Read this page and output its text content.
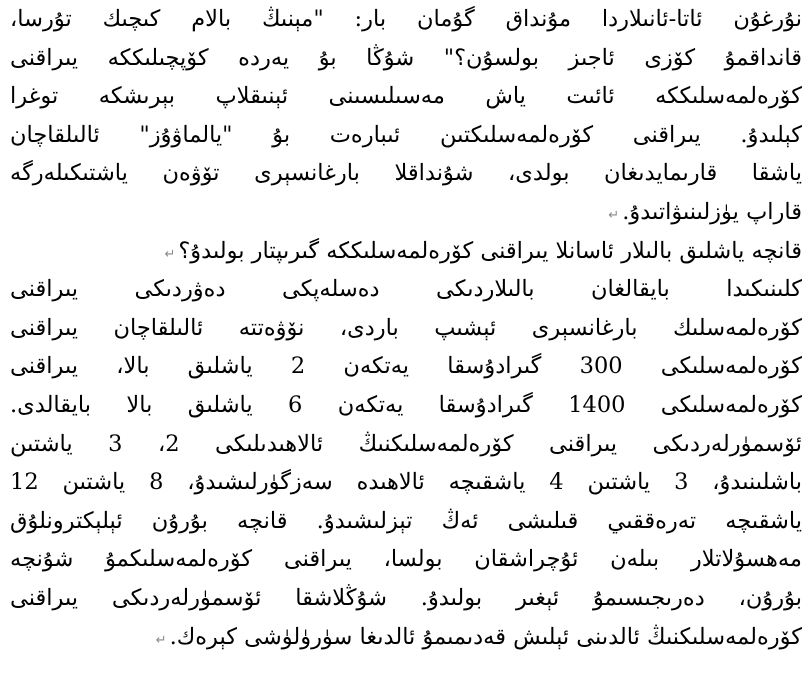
نۇرغۇن ئاتا-ئانىلاردا مۇنداق گۇمان بار: "مېنىڭ بالام كىچىك تۇرسا،
قانداقمۇ كۆزى ئاجىز بولسۇن؟" شۇڭا بۇ يەردە كۆپچىلىككە يىراقنى
كۆرەلمەسلىككە ئائىت ياش مەسىلىسىنى ئېنىقلاپ بېرىشكە توغرا
كېلىدۇ. يىراقنى كۆرەلمەسلىكتىن ئىبارەت بۇ "يالماۋۇز" ئالىلقاچان
ياشقا قارىمايدىغان بولدى، شۇنداقلا بارغانسېرى تۆۋەن ياشتىكىلەرگە
قاراپ يۈزلىنىۋاتىدۇ.↵
قانچە ياشلىق بالىلار ئاسانلا يىراقنى كۆرەلمەسلىككە گىرىپتار بولىدۇ؟↵
كلىنىكىدا بايقالغان بالىلاردىكى دەسلەپكى دەۋردىكى يىراقنى
كۆرەلمەسلىك بارغانسېرى ئېشىپ باردى، نۆۋەتتە ئالىلقاچان يىراقنى
كۆرەلمەسلىكى 300 گىرادۇسقا يەتكەن 2 ياشلىق بالا، يىراقنى
كۆرەلمەسلىكى 1400 گىرادۇسقا يەتكەن 6 ياشلىق بالا بايقالدى.
ئۆسمۈرلەردىكى يىراقنى كۆرەلمەسلىكنىڭ ئالاھىدىلىكى 2، 3 ياشتىن
باشلىنىدۇ، 3 ياشتىن 4 ياشقىچە ئالاھىدە سەزگۈرلىشىدۇ، 8 ياشتىن 12
ياشقىچە تەرەققىي قىلىشى ئەڭ تېزلىشىدۇ. قانچە بۇرۇن ئېلېكترونلۇق
مەھسۇلاتلار بىلەن ئۇچراشقان بولسا، يىراقنى كۆرەلمەسلىكمۇ شۇنچە
بۇرۇن، دەرىجىسىمۇ ئېغىر بولىدۇ. شۇڭلاشقا ئۆسمۈرلەردىكى يىراقنى
كۆرەلمەسلىكنىڭ ئالدىنى ئېلىش قەدىمىمۇ ئالدىغا سۈرۈلۈشى كېرەك.↵
